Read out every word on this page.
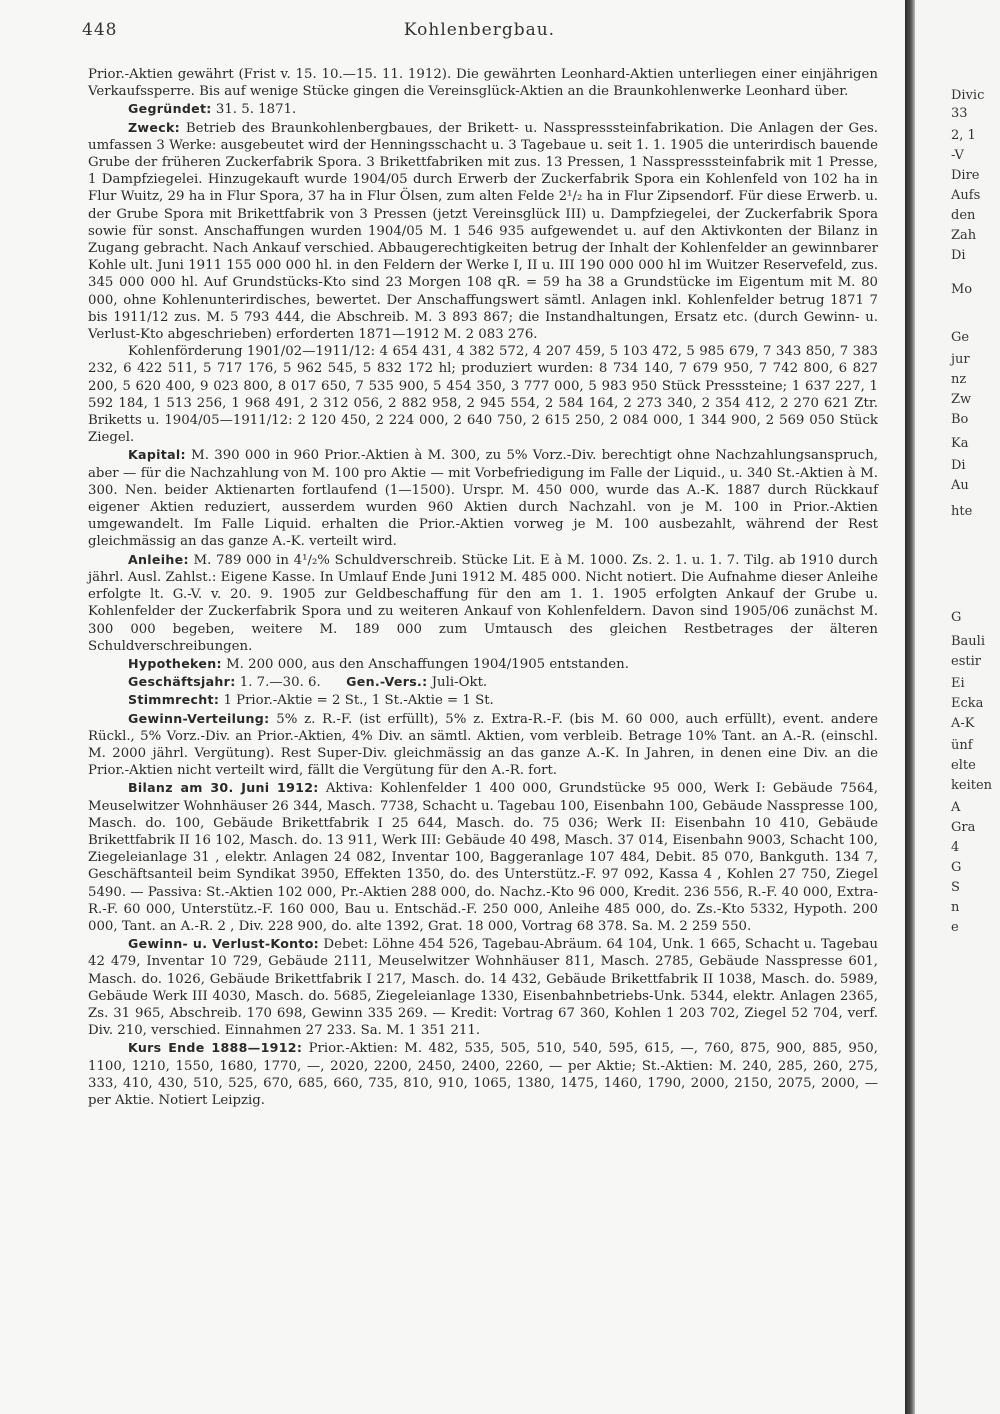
448	Kohlenbergbau.

Prior.-Aktien gewährt (Frist v. 15. 10.—15. 11. 1912). Die gewährten Leonhard-Aktien unterliegen einer einjährigen Verkaufssperre. Bis auf wenige Stücke gingen die Vereinsglück-Aktien an die Braunkohlenwerke Leonhard über.

Gegründet: 31. 5. 1871.

Zweck: Betrieb des Braunkohlenbergbaues, der Brikett- u. Nasspresssteinfabrikation. Die Anlagen der Ges. umfassen 3 Werke: ausgebeutet wird der Henningsschacht u. 3 Tagebaue u. seit 1. 1. 1905 die unterirdisch bauende Grube der früheren Zuckerfabrik Spora. 3 Brikettfabriken mit zus. 13 Pressen, 1 Nasspresssteinfabrik mit 1 Presse, 1 Dampfziegelei. Hinzugekauft wurde 1904/05 durch Erwerb der Zuckerfabrik Spora ein Kohlenfeld von 102 ha in Flur Wuitz, 29 ha in Flur Spora, 37 ha in Flur Ölsen, zum alten Felde 2¹/₂ ha in Flur Zipsendorf. Für diese Erwerb. u. der Grube Spora mit Brikettfabrik von 3 Pressen (jetzt Vereinsglück III) u. Dampfziegelei, der Zuckerfabrik Spora sowie für sonst. Anschaffungen wurden 1904/05 M. 1 546 935 aufgewendet u. auf den Aktivkonten der Bilanz in Zugang gebracht. Nach Ankauf verschied. Abbaugerechtigkeiten betrug der Inhalt der Kohlenfelder an gewinnbarer Kohle ult. Juni 1911 155 000 000 hl. in den Feldern der Werke I, II u. III 190 000 000 hl im Wuitzer Reservefeld, zus. 345 000 000 hl. Auf Grundstücks-Kto sind 23 Morgen 108 qR. = 59 ha 38 a Grundstücke im Eigentum mit M. 80 000, ohne Kohlenunterirdisches, bewertet. Der Anschaffungswert sämtl. Anlagen inkl. Kohlenfelder betrug 1871 7 bis 1911/12 zus. M. 5 793 444, die Abschreib. M. 3 893 867; die Instandhaltungen, Ersatz etc. (durch Gewinn- u. Verlust-Kto abgeschrieben) erforderten 1871—1912 M. 2 083 276.

Kohlenförderung 1901/02—1911/12: 4 654 431, 4 382 572, 4 207 459, 5 103 472, 5 985 679, 7 343 850, 7 383 232, 6 422 511, 5 717 176, 5 962 545, 5 832 172 hl; produziert wurden: 8 734 140, 7 679 950, 7 742 800, 6 827 200, 5 620 400, 9 023 800, 8 017 650, 7 535 900, 5 454 350, 3 777 000, 5 983 950 Stück Presssteine; 1 637 227, 1 592 184, 1 513 256, 1 968 491, 2 312 056, 2 882 958, 2 945 554, 2 584 164, 2 273 340, 2 354 412, 2 270 621 Ztr. Briketts u. 1904/05—1911/12: 2 120 450, 2 224 000, 2 640 750, 2 615 250, 2 084 000, 1 344 900, 2 569 050 Stück Ziegel.

Kapital: M. 390 000 in 960 Prior.-Aktien à M. 300, zu 5% Vorz.-Div. berechtigt ohne Nachzahlungsanspruch, aber — für die Nachzahlung von M. 100 pro Aktie — mit Vorbefriedigung im Falle der Liquid., u. 340 St.-Aktien à M. 300. Nen. beider Aktienarten fortlaufend (1—1500). Urspr. M. 450 000, wurde das A.-K. 1887 durch Rückkauf eigener Aktien reduziert, ausserdem wurden 960 Aktien durch Nachzahl. von je M. 100 in Prior.-Aktien umgewandelt. Im Falle Liquid. erhalten die Prior.-Aktien vorweg je M. 100 ausbezahlt, während der Rest gleichmässig an das ganze A.-K. verteilt wird.

Anleihe: M. 789 000 in 4¹/₂% Schuldverschreib. Stücke Lit. E à M. 1000. Zs. 2. 1. u. 1. 7. Tilg. ab 1910 durch jährl. Ausl. Zahlst.: Eigene Kasse. In Umlauf Ende Juni 1912 M. 485 000. Nicht notiert. Die Aufnahme dieser Anleihe erfolgte lt. G.-V. v. 20. 9. 1905 zur Geldbeschaffung für den am 1. 1. 1905 erfolgten Ankauf der Grube u. Kohlenfelder der Zuckerfabrik Spora und zu weiteren Ankauf von Kohlenfeldern. Davon sind 1905/06 zunächst M. 300 000 begeben, weitere M. 189 000 zum Umtausch des gleichen Restbetrages der älteren Schuldverschreibungen.

Hypotheken: M. 200 000, aus den Anschaffungen 1904/1905 entstanden.

Geschäftsjahr: 1. 7.—30. 6. Gen.-Vers.: Juli-Okt.

Stimmrecht: 1 Prior.-Aktie = 2 St., 1 St.-Aktie = 1 St.

Gewinn-Verteilung: 5% z. R.-F. (ist erfüllt), 5% z. Extra-R.-F. (bis M. 60 000, auch erfüllt), event. andere Rückl., 5% Vorz.-Div. an Prior.-Aktien, 4% Div. an sämtl. Aktien, vom verbleib. Betrage 10% Tant. an A.-R. (einschl. M. 2000 jährl. Vergütung). Rest Super-Div. gleichmässig an das ganze A.-K. In Jahren, in denen eine Div. an die Prior.-Aktien nicht verteilt wird, fällt die Vergütung für den A.-R. fort.

Bilanz am 30. Juni 1912: Aktiva: Kohlenfelder 1 400 000, Grundstücke 95 000, Werk I: Gebäude 7564, Meuselwitzer Wohnhäuser 26 344, Masch. 7738, Schacht u. Tagebau 100, Eisenbahn 100, Gebäude Nasspresse 100, Masch. do. 100, Gebäude Brikettfabrik I 25 644, Masch. do. 75 036; Werk II: Eisenbahn 10 410, Gebäude Brikettfabrik II 16 102, Masch. do. 13 911, Werk III: Gebäude 40 498, Masch. 37 014, Eisenbahn 9003, Schacht 100, Ziegeleianlage 31 , elektr. Anlagen 24 082, Inventar 100, Baggeranlage 107 484, Debit. 85 070, Bankguth. 134 7, Geschäftsanteil beim Syndikat 3950, Effekten 1350, do. des Unterstütz.-F. 97 092, Kassa 4 , Kohlen 27 750, Ziegel 5490. — Passiva: St.-Aktien 102 000, Pr.-Aktien 288 000, do. Nachz.-Kto 96 000, Kredit. 236 556, R.-F. 40 000, Extra-R.-F. 60 000, Unterstütz.-F. 160 000, Bau u. Entschäd.-F. 250 000, Anleihe 485 000, do. Zs.-Kto 5332, Hypoth. 200 000, Tant. an A.-R. 2 , Div. 228 900, do. alte 1392, Grat. 18 000, Vortrag 68 378. Sa. M. 2 259 550.

Gewinn- u. Verlust-Konto: Debet: Löhne 454 526, Tagebau-Abräum. 64 104, Unk. 1 665, Schacht u. Tagebau 42 479, Inventar 10 729, Gebäude 2111, Meuselwitzer Wohnhäuser 811, Masch. 2785, Gebäude Nasspresse 601, Masch. do. 1026, Gebäude Brikettfabrik I 217, Masch. do. 14 432, Gebäude Brikettfabrik II 1038, Masch. do. 5989, Gebäude Werk III 4030, Masch. do. 5685, Ziegeleianlage 1330, Eisenbahnbetriebs-Unk. 5344, elektr. Anlagen 2365, Zs. 31 965, Abschreib. 170 698, Gewinn 335 269. — Kredit: Vortrag 67 360, Kohlen 1 203 702, Ziegel 52 704, verf. Div. 210, verschied. Einnahmen 27 233. Sa. M. 1 351 211.

Kurs Ende 1888—1912: Prior.-Aktien: M. 482, 535, 505, 510, 540, 595, 615, —, 760, 875, 900, 885, 950, 1100, 1210, 1550, 1680, 1770, —, 2020, 2200, 2450, 2400, 2260, — per Aktie; St.-Aktien: M. 240, 285, 260, 275, 333, 410, 430, 510, 525, 670, 685, 660, 735, 810, 910, 1065, 1380, 1475, 1460, 1790, 2000, 2150, 2075, 2000, — per Aktie. Notiert Leipzig.

Divic
33
2, 1
-V
Dire
Aufs
den
Zah
Di
Mo
Ge
jur
nz
Zw
Bo
Ka
Di
Au
hte
G
Bauli
estir
Ei
Ecka
A-K
ünf
elte
keiten
A
Gra
4
G
S
n
e
